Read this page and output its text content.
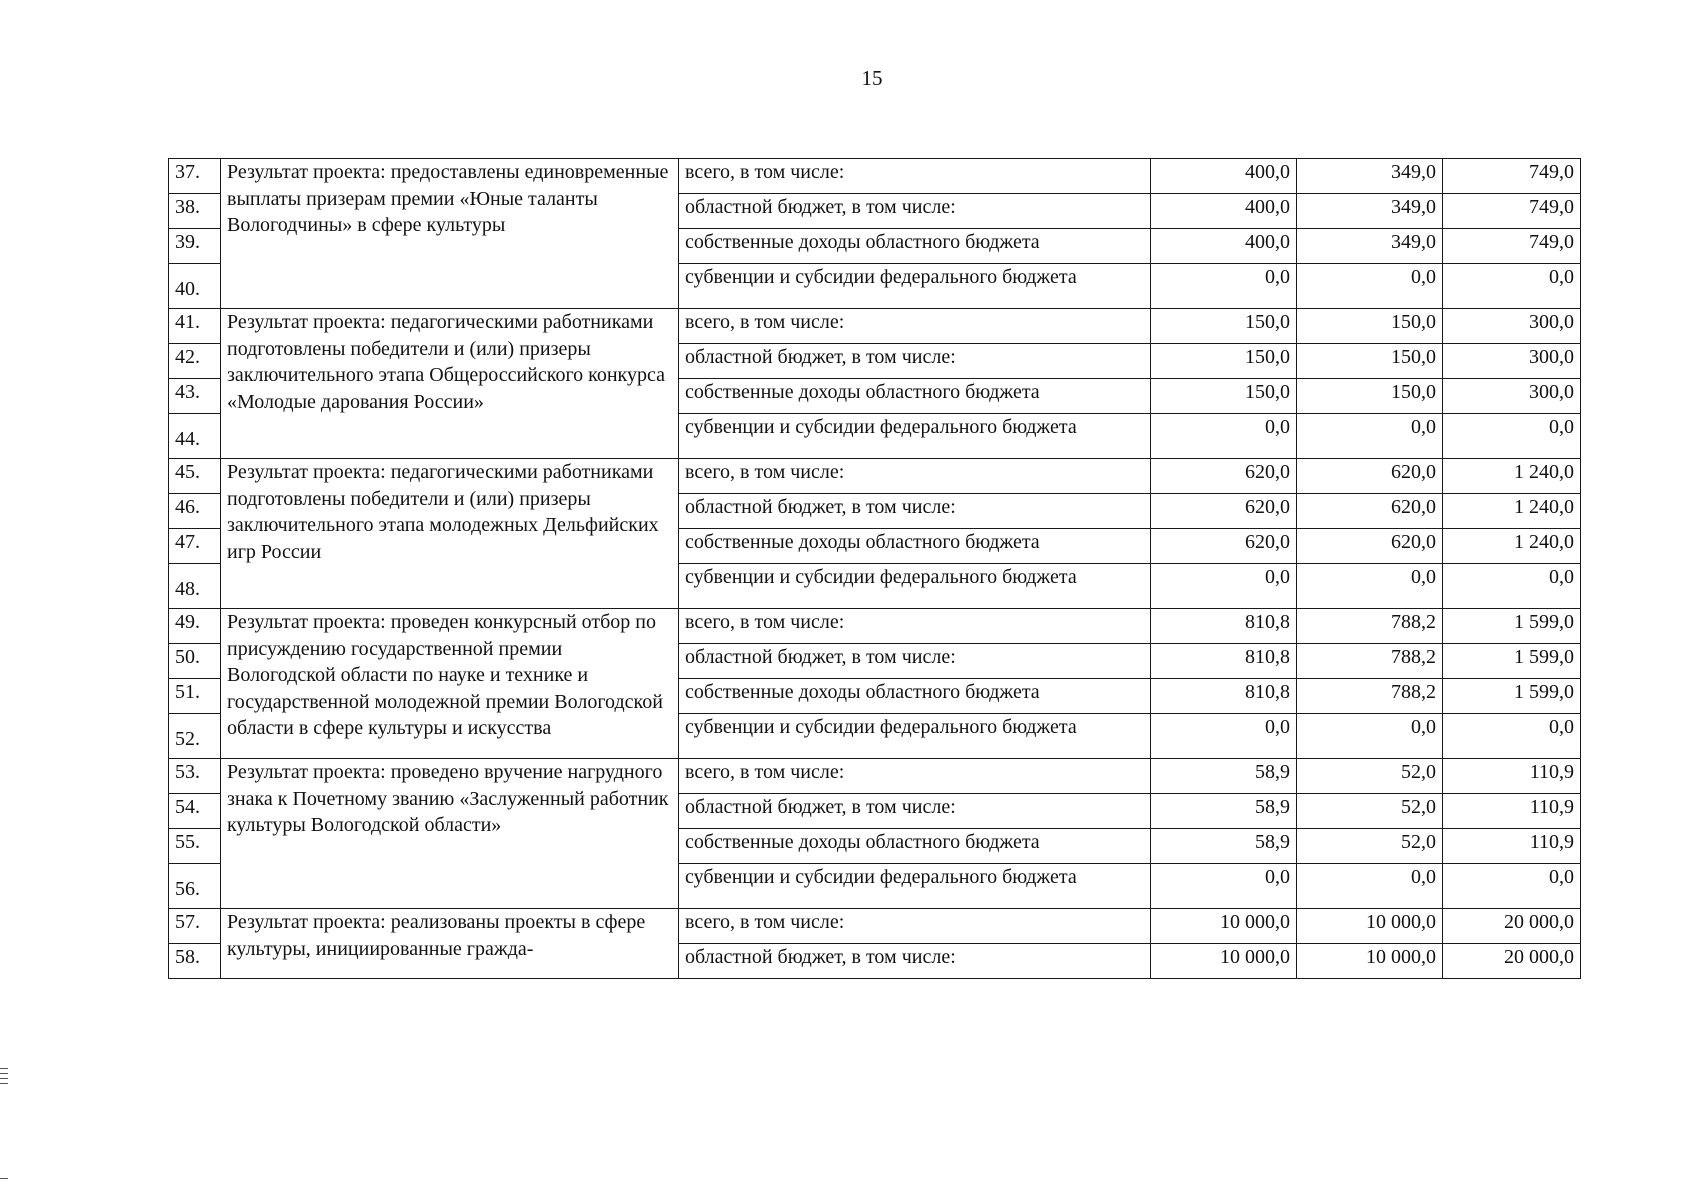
15
37.	Результат проекта: предоставлены единовременные выплаты призерам премии «Юные таланты Вологодчины» в сфере культуры	всего, в том числе:	400,0	349,0	749,0
38.		областной бюджет, в том числе:	400,0	349,0	749,0
39.		собственные доходы областного бюджета	400,0	349,0	749,0
40.		субвенции и субсидии федерального бюджета	0,0	0,0	0,0
41.	Результат проекта: педагогическими работниками подготовлены победители и (или) призеры заключительного этапа Общероссийского конкурса «Молодые дарования России»	всего, в том числе:	150,0	150,0	300,0
42.		областной бюджет, в том числе:	150,0	150,0	300,0
43.		собственные доходы областного бюджета	150,0	150,0	300,0
44.		субвенции и субсидии федерального бюджета	0,0	0,0	0,0
45.	Результат проекта: педагогическими работниками подготовлены победители и (или) призеры заключительного этапа молодежных Дельфийских игр России	всего, в том числе:	620,0	620,0	1 240,0
46.		областной бюджет, в том числе:	620,0	620,0	1 240,0
47.		собственные доходы областного бюджета	620,0	620,0	1 240,0
48.		субвенции и субсидии федерального бюджета	0,0	0,0	0,0
49.	Результат проекта: проведен конкурсный отбор по присуждению государственной премии Вологодской области по науке и технике и государственной молодежной премии Вологодской области в сфере культуры и искусства	всего, в том числе:	810,8	788,2	1 599,0
50.		областной бюджет, в том числе:	810,8	788,2	1 599,0
51.		собственные доходы областного бюджета	810,8	788,2	1 599,0
52.		субвенции и субсидии федерального бюджета	0,0	0,0	0,0
53.	Результат проекта: проведено вручение нагрудного знака к Почетному званию «Заслуженный работник культуры Вологодской области»	всего, в том числе:	58,9	52,0	110,9
54.		областной бюджет, в том числе:	58,9	52,0	110,9
55.		собственные доходы областного бюджета	58,9	52,0	110,9
56.		субвенции и субсидии федерального бюджета	0,0	0,0	0,0
57.	Результат проекта: реализованы проекты в сфере культуры, инициированные гражда-	всего, в том числе:	10 000,0	10 000,0	20 000,0
58.		областной бюджет, в том числе:	10 000,0	10 000,0	20 000,0
